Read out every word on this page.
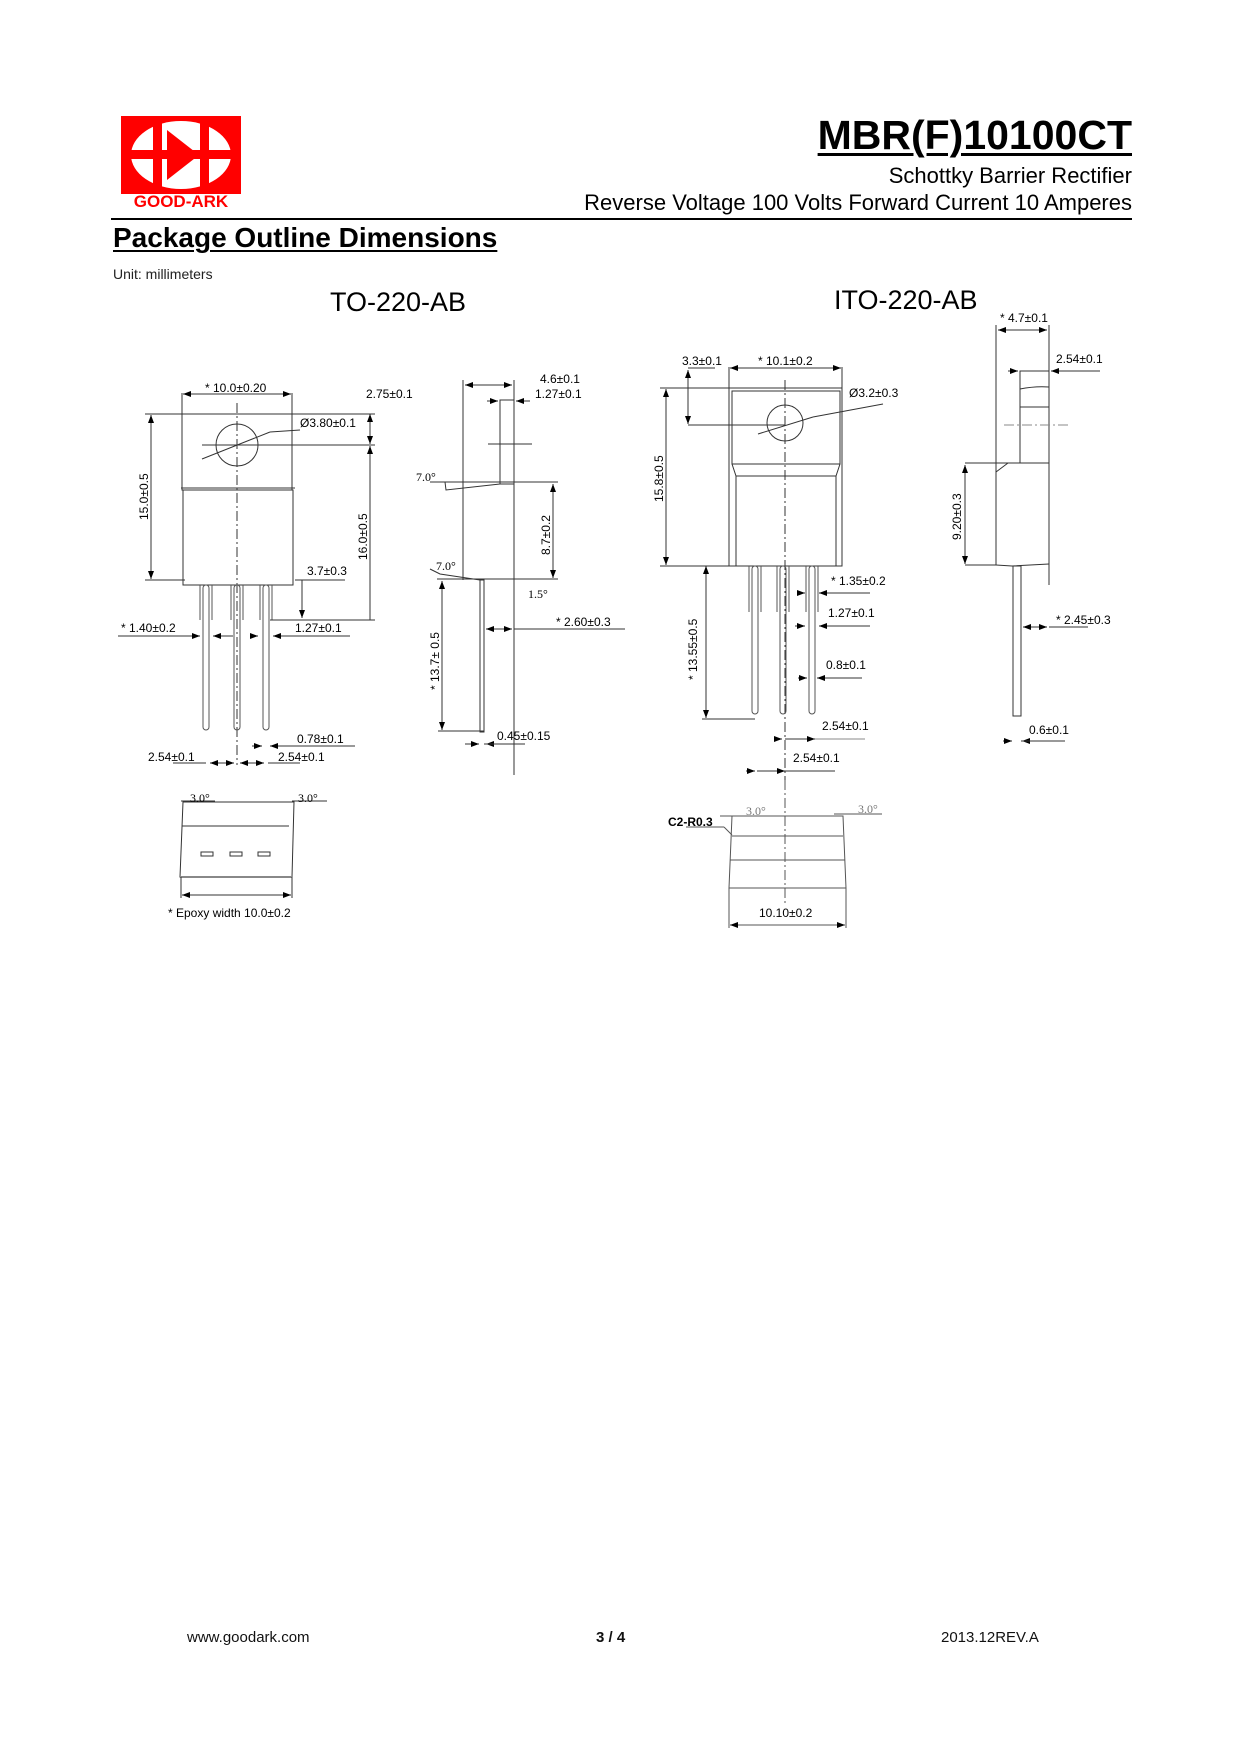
GOOD-ARK
MBR(F)10100CT
Schottky Barrier Rectifier
Reverse Voltage 100 Volts Forward Current 10 Amperes
Package Outline Dimensions
Unit: millimeters
TO-220-AB	ITO-220-AB
* 10.0±0.20	2.75±0.1
Ø3.80±0.1
15.0±0.5
16.0±0.5
3.7±0.3
* 1.40±0.2	1.27±0.1
0.78±0.1
2.54±0.1	2.54±0.1
4.6±0.1
1.27±0.1
7.0°
7.0°
8.7±0.2
1.5°
* 2.60±0.3
* 13.7± 0.5
0.45±0.15
3.0°	3.0°
* Epoxy width 10.0±0.2
3.3±0.1	* 10.1±0.2
Ø3.2±0.3
15.8±0.5
* 1.35±0.2
1.27±0.1
* 13.55±0.5	0.8±0.1
2.54±0.1
2.54±0.1
* 4.7±0.1
2.54±0.1
9.20±0.3
* 2.45±0.3
0.6±0.1
C2-R0.3
3.0°	3.0°
10.10±0.2
www.goodark.com	3 / 4	2013.12REV.A
